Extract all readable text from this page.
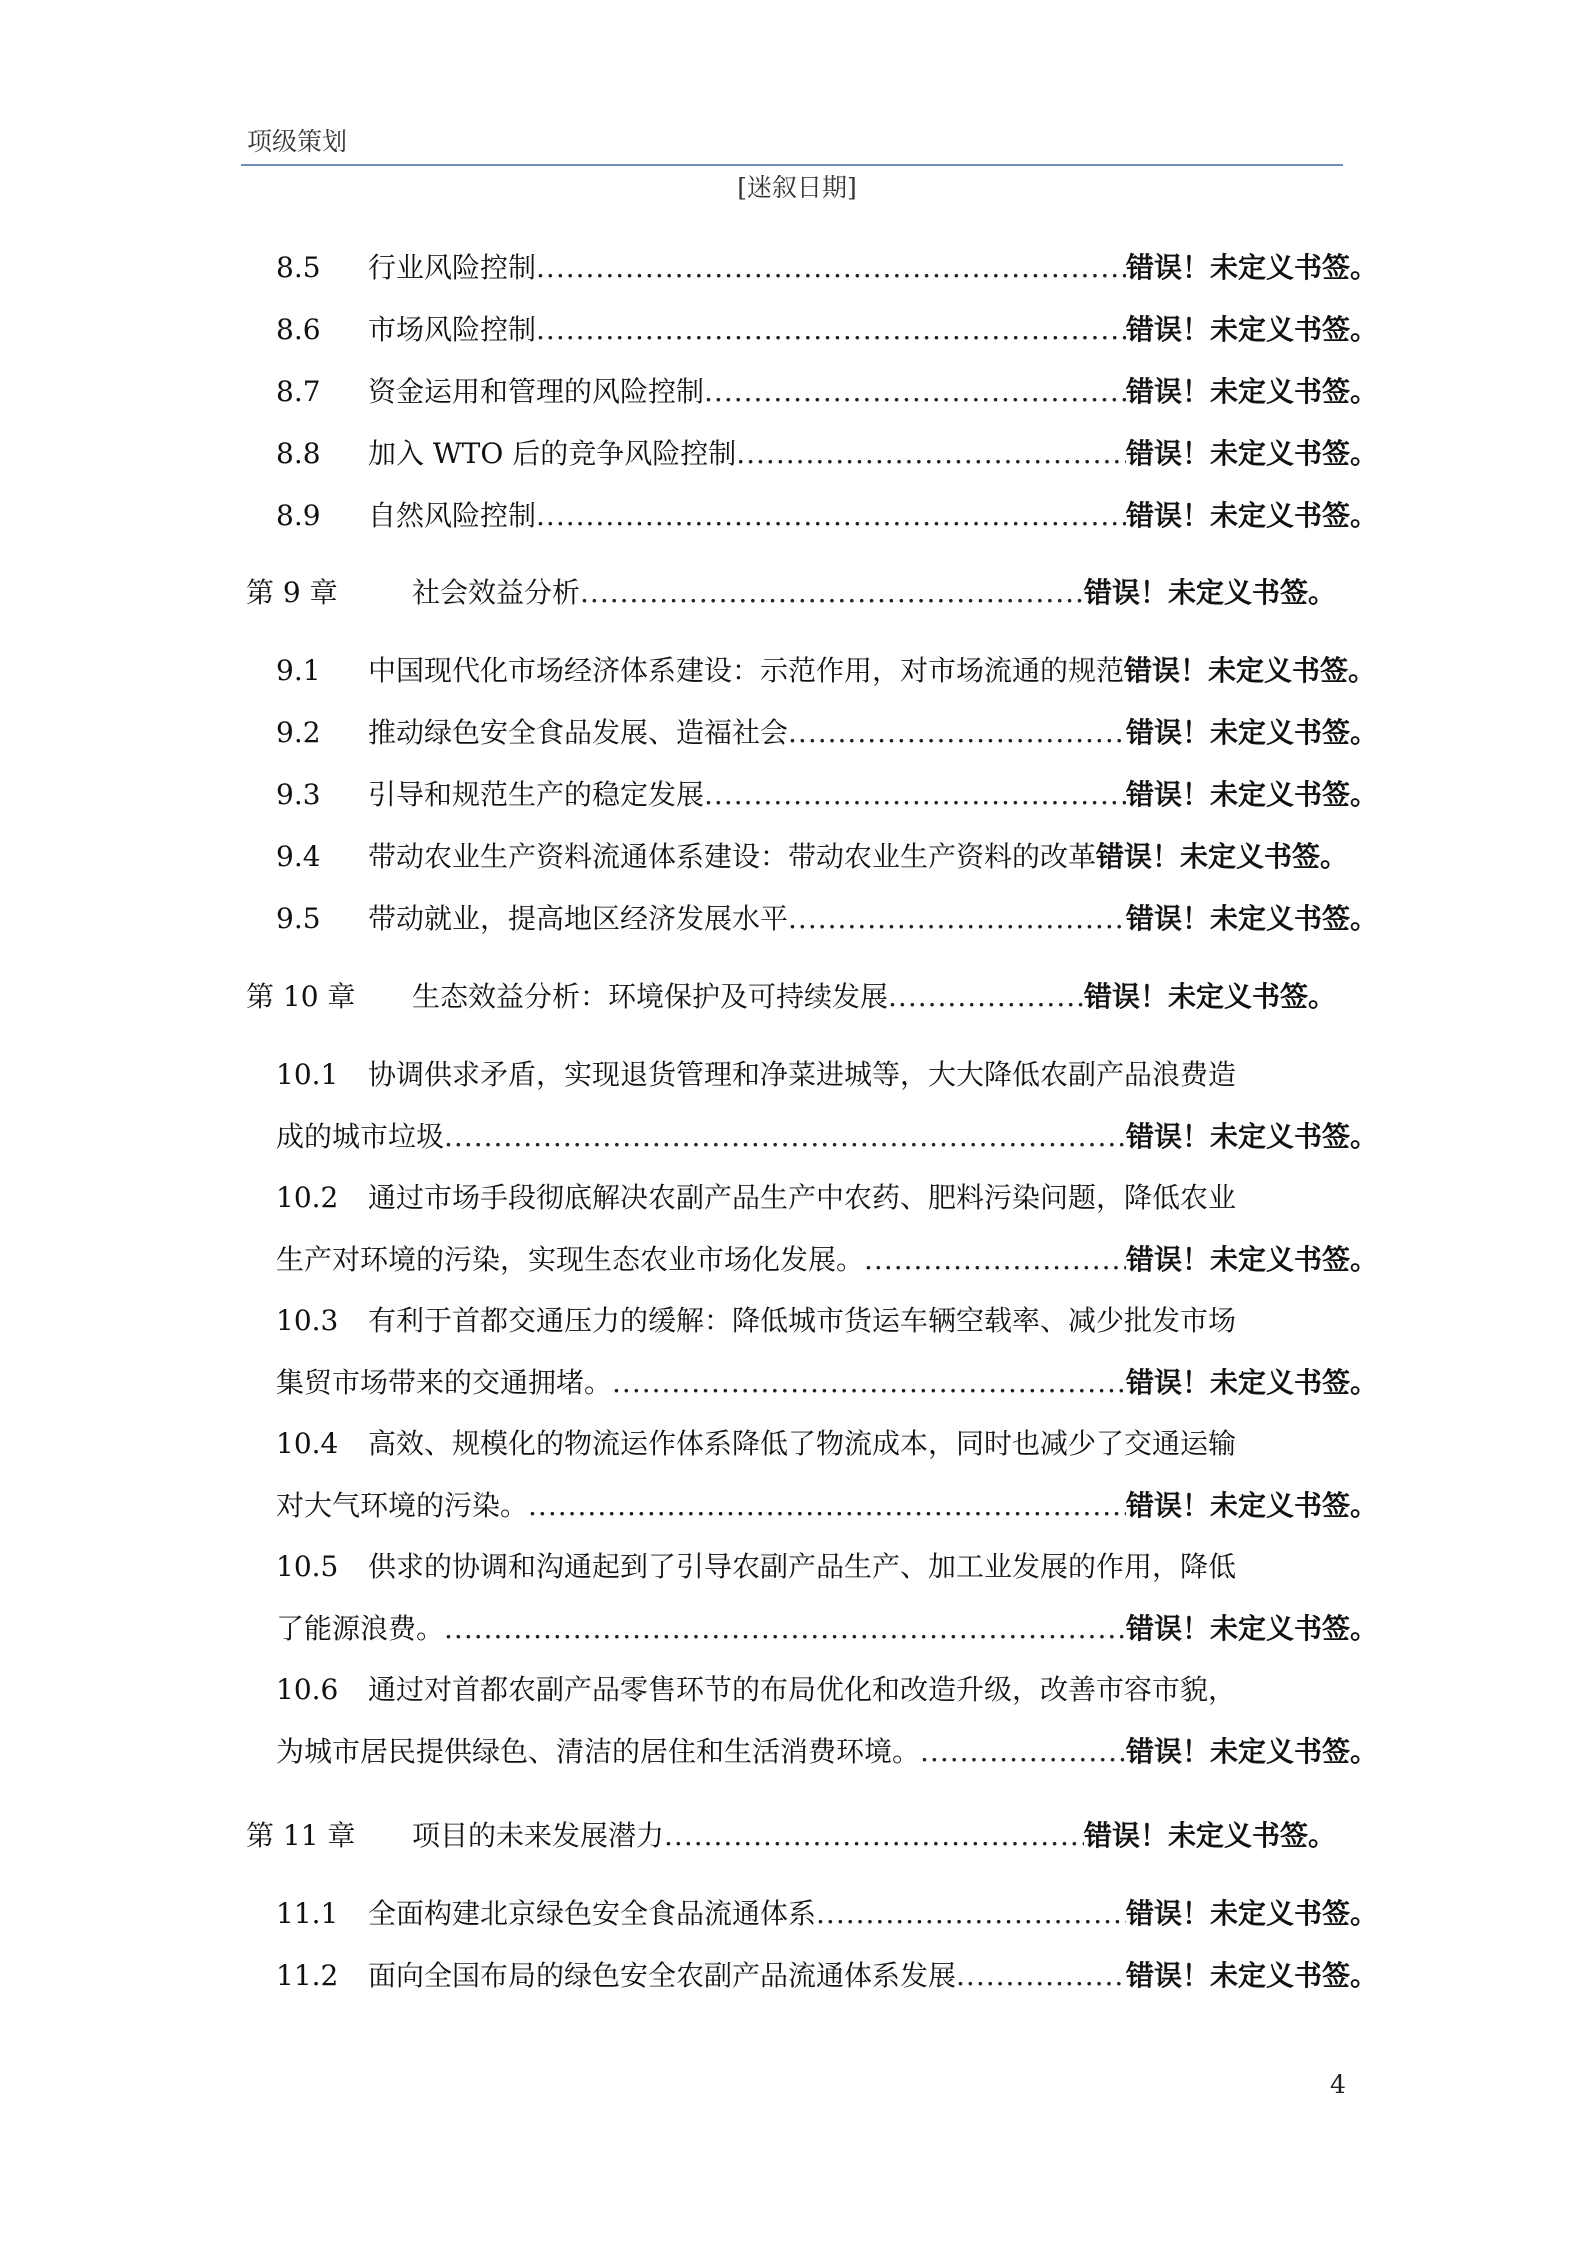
项级策划
[迷叙日期]
8.5	行业风险控制 .....	错误！未定义书签。
8.6	市场风险控制 .....	错误！未定义书签。
8.7	资金运用和管理的风险控制 .....	错误！未定义书签。
8.8	加入 WTO 后的竞争风险控制 .....	错误！未定义书签。
8.9	自然风险控制 .....	错误！未定义书签。
第 9 章	社会效益分析 .....	错误！未定义书签。
9.1	中国现代化市场经济体系建设：示范作用，对市场流通的规范 错误！未定义书签。
9.2	推动绿色安全食品发展、造福社会 .....	错误！未定义书签。
9.3	引导和规范生产的稳定发展 .....	错误！未定义书签。
9.4	带动农业生产资料流通体系建设：带动农业生产资料的改革 错误！未定义书签。
9.5	带动就业，提高地区经济发展水平 .....	错误！未定义书签。
第 10 章	生态效益分析：环境保护及可持续发展 .....	错误！未定义书签。
10.1	协调供求矛盾，实现退货管理和净菜进城等，大大降低农副产品浪费造
成的城市垃圾 .....	错误！未定义书签。
10.2	通过市场手段彻底解决农副产品生产中农药、肥料污染问题，降低农业
生产对环境的污染，实现生态农业市场化发展。 .....	错误！未定义书签。
10.3	有利于首都交通压力的缓解：降低城市货运车辆空载率、减少批发市场
集贸市场带来的交通拥堵。 .....	错误！未定义书签。
10.4	高效、规模化的物流运作体系降低了物流成本，同时也减少了交通运输
对大气环境的污染。 .....	错误！未定义书签。
10.5	供求的协调和沟通起到了引导农副产品生产、加工业发展的作用，降低
了能源浪费。 .....	错误！未定义书签。
10.6	通过对首都农副产品零售环节的布局优化和改造升级，改善市容市貌，
为城市居民提供绿色、清洁的居住和生活消费环境。 .....	错误！未定义书签。
第 11 章	项目的未来发展潜力 .....	错误！未定义书签。
11.1	全面构建北京绿色安全食品流通体系 .....	错误！未定义书签。
11.2	面向全国布局的绿色安全农副产品流通体系发展 .....	错误！未定义书签。
4
